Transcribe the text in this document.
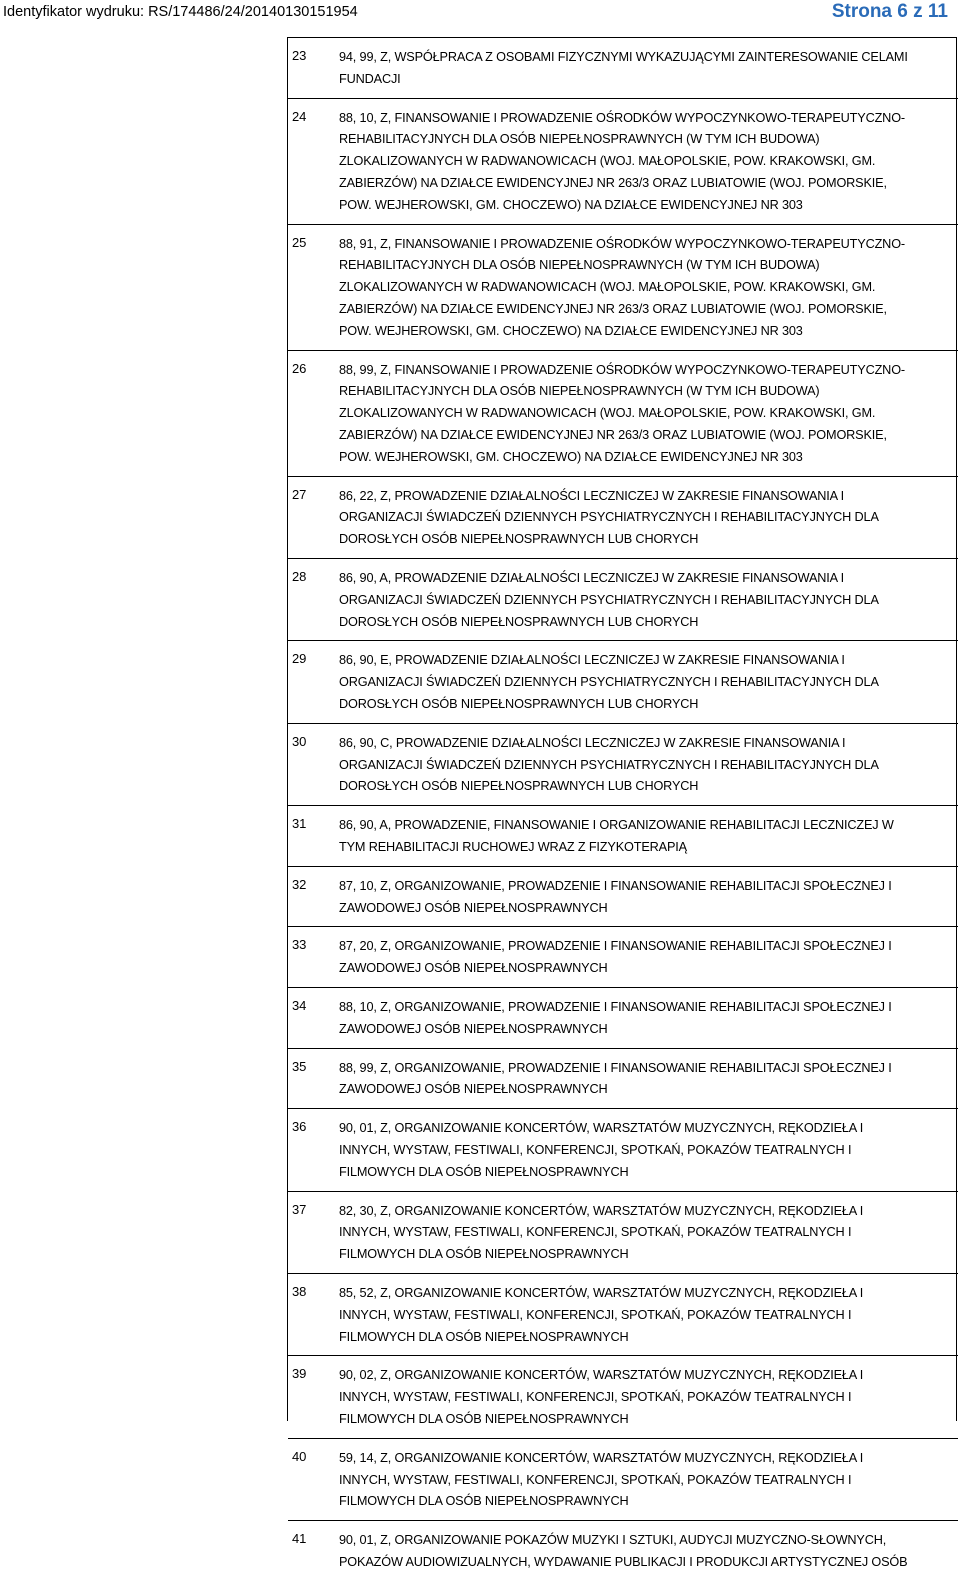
Identyfikator wydruku: RS/174486/24/20140130151954	Strona 6 z 11
23	94, 99, Z, WSPÓŁPRACA Z OSOBAMI FIZYCZNYMI WYKAZUJĄCYMI ZAINTERESOWANIE CELAMI
FUNDACJI
24	88, 10, Z, FINANSOWANIE I PROWADZENIE OŚRODKÓW WYPOCZYNKOWO-TERAPEUTYCZNO-
REHABILITACYJNYCH DLA OSÓB NIEPEŁNOSPRAWNYCH (W TYM ICH BUDOWA)
ZLOKALIZOWANYCH W RADWANOWICACH (WOJ. MAŁOPOLSKIE, POW. KRAKOWSKI, GM.
ZABIERZÓW) NA DZIAŁCE EWIDENCYJNEJ NR 263/3 ORAZ LUBIATOWIE (WOJ. POMORSKIE,
POW. WEJHEROWSKI, GM. CHOCZEWO) NA DZIAŁCE EWIDENCYJNEJ NR 303
25	88, 91, Z, FINANSOWANIE I PROWADZENIE OŚRODKÓW WYPOCZYNKOWO-TERAPEUTYCZNO-
REHABILITACYJNYCH DLA OSÓB NIEPEŁNOSPRAWNYCH (W TYM ICH BUDOWA)
ZLOKALIZOWANYCH W RADWANOWICACH (WOJ. MAŁOPOLSKIE, POW. KRAKOWSKI, GM.
ZABIERZÓW) NA DZIAŁCE EWIDENCYJNEJ NR 263/3 ORAZ LUBIATOWIE (WOJ. POMORSKIE,
POW. WEJHEROWSKI, GM. CHOCZEWO) NA DZIAŁCE EWIDENCYJNEJ NR 303
26	88, 99, Z, FINANSOWANIE I PROWADZENIE OŚRODKÓW WYPOCZYNKOWO-TERAPEUTYCZNO-
REHABILITACYJNYCH DLA OSÓB NIEPEŁNOSPRAWNYCH (W TYM ICH BUDOWA)
ZLOKALIZOWANYCH W RADWANOWICACH (WOJ. MAŁOPOLSKIE, POW. KRAKOWSKI, GM.
ZABIERZÓW) NA DZIAŁCE EWIDENCYJNEJ NR 263/3 ORAZ LUBIATOWIE (WOJ. POMORSKIE,
POW. WEJHEROWSKI, GM. CHOCZEWO) NA DZIAŁCE EWIDENCYJNEJ NR 303
27	86, 22, Z, PROWADZENIE DZIAŁALNOŚCI LECZNICZEJ W ZAKRESIE FINANSOWANIA I
ORGANIZACJI ŚWIADCZEŃ DZIENNYCH PSYCHIATRYCZNYCH I REHABILITACYJNYCH DLA
DOROSŁYCH OSÓB NIEPEŁNOSPRAWNYCH LUB CHORYCH
28	86, 90, A, PROWADZENIE DZIAŁALNOŚCI LECZNICZEJ W ZAKRESIE FINANSOWANIA I
ORGANIZACJI ŚWIADCZEŃ DZIENNYCH PSYCHIATRYCZNYCH I REHABILITACYJNYCH DLA
DOROSŁYCH OSÓB NIEPEŁNOSPRAWNYCH LUB CHORYCH
29	86, 90, E, PROWADZENIE DZIAŁALNOŚCI LECZNICZEJ W ZAKRESIE FINANSOWANIA I
ORGANIZACJI ŚWIADCZEŃ DZIENNYCH PSYCHIATRYCZNYCH I REHABILITACYJNYCH DLA
DOROSŁYCH OSÓB NIEPEŁNOSPRAWNYCH LUB CHORYCH
30	86, 90, C, PROWADZENIE DZIAŁALNOŚCI LECZNICZEJ W ZAKRESIE FINANSOWANIA I
ORGANIZACJI ŚWIADCZEŃ DZIENNYCH PSYCHIATRYCZNYCH I REHABILITACYJNYCH DLA
DOROSŁYCH OSÓB NIEPEŁNOSPRAWNYCH LUB CHORYCH
31	86, 90, A, PROWADZENIE, FINANSOWANIE I ORGANIZOWANIE REHABILITACJI LECZNICZEJ W
TYM REHABILITACJI RUCHOWEJ WRAZ Z FIZYKOTERAPIĄ
32	87, 10, Z, ORGANIZOWANIE, PROWADZENIE I FINANSOWANIE REHABILITACJI SPOŁECZNEJ I
ZAWODOWEJ OSÓB NIEPEŁNOSPRAWNYCH
33	87, 20, Z, ORGANIZOWANIE, PROWADZENIE I FINANSOWANIE REHABILITACJI SPOŁECZNEJ I
ZAWODOWEJ OSÓB NIEPEŁNOSPRAWNYCH
34	88, 10, Z, ORGANIZOWANIE, PROWADZENIE I FINANSOWANIE REHABILITACJI SPOŁECZNEJ I
ZAWODOWEJ OSÓB NIEPEŁNOSPRAWNYCH
35	88, 99, Z, ORGANIZOWANIE, PROWADZENIE I FINANSOWANIE REHABILITACJI SPOŁECZNEJ I
ZAWODOWEJ OSÓB NIEPEŁNOSPRAWNYCH
36	90, 01, Z, ORGANIZOWANIE KONCERTÓW, WARSZTATÓW MUZYCZNYCH, RĘKODZIEŁA I
INNYCH, WYSTAW, FESTIWALI, KONFERENCJI, SPOTKAŃ, POKAZÓW TEATRALNYCH I
FILMOWYCH DLA OSÓB NIEPEŁNOSPRAWNYCH
37	82, 30, Z, ORGANIZOWANIE KONCERTÓW, WARSZTATÓW MUZYCZNYCH, RĘKODZIEŁA I
INNYCH, WYSTAW, FESTIWALI, KONFERENCJI, SPOTKAŃ, POKAZÓW TEATRALNYCH I
FILMOWYCH DLA OSÓB NIEPEŁNOSPRAWNYCH
38	85, 52, Z, ORGANIZOWANIE KONCERTÓW, WARSZTATÓW MUZYCZNYCH, RĘKODZIEŁA I
INNYCH, WYSTAW, FESTIWALI, KONFERENCJI, SPOTKAŃ, POKAZÓW TEATRALNYCH I
FILMOWYCH DLA OSÓB NIEPEŁNOSPRAWNYCH
39	90, 02, Z, ORGANIZOWANIE KONCERTÓW, WARSZTATÓW MUZYCZNYCH, RĘKODZIEŁA I
INNYCH, WYSTAW, FESTIWALI, KONFERENCJI, SPOTKAŃ, POKAZÓW TEATRALNYCH I
FILMOWYCH DLA OSÓB NIEPEŁNOSPRAWNYCH
40	59, 14, Z, ORGANIZOWANIE KONCERTÓW, WARSZTATÓW MUZYCZNYCH, RĘKODZIEŁA I
INNYCH, WYSTAW, FESTIWALI, KONFERENCJI, SPOTKAŃ, POKAZÓW TEATRALNYCH I
FILMOWYCH DLA OSÓB NIEPEŁNOSPRAWNYCH
41	90, 01, Z, ORGANIZOWANIE POKAZÓW MUZYKI I SZTUKI, AUDYCJI MUZYCZNO-SŁOWNYCH,
POKAZÓW AUDIOWIZUALNYCH, WYDAWANIE PUBLIKACJI I PRODUKCJI ARTYSTYCZNEJ OSÓB
